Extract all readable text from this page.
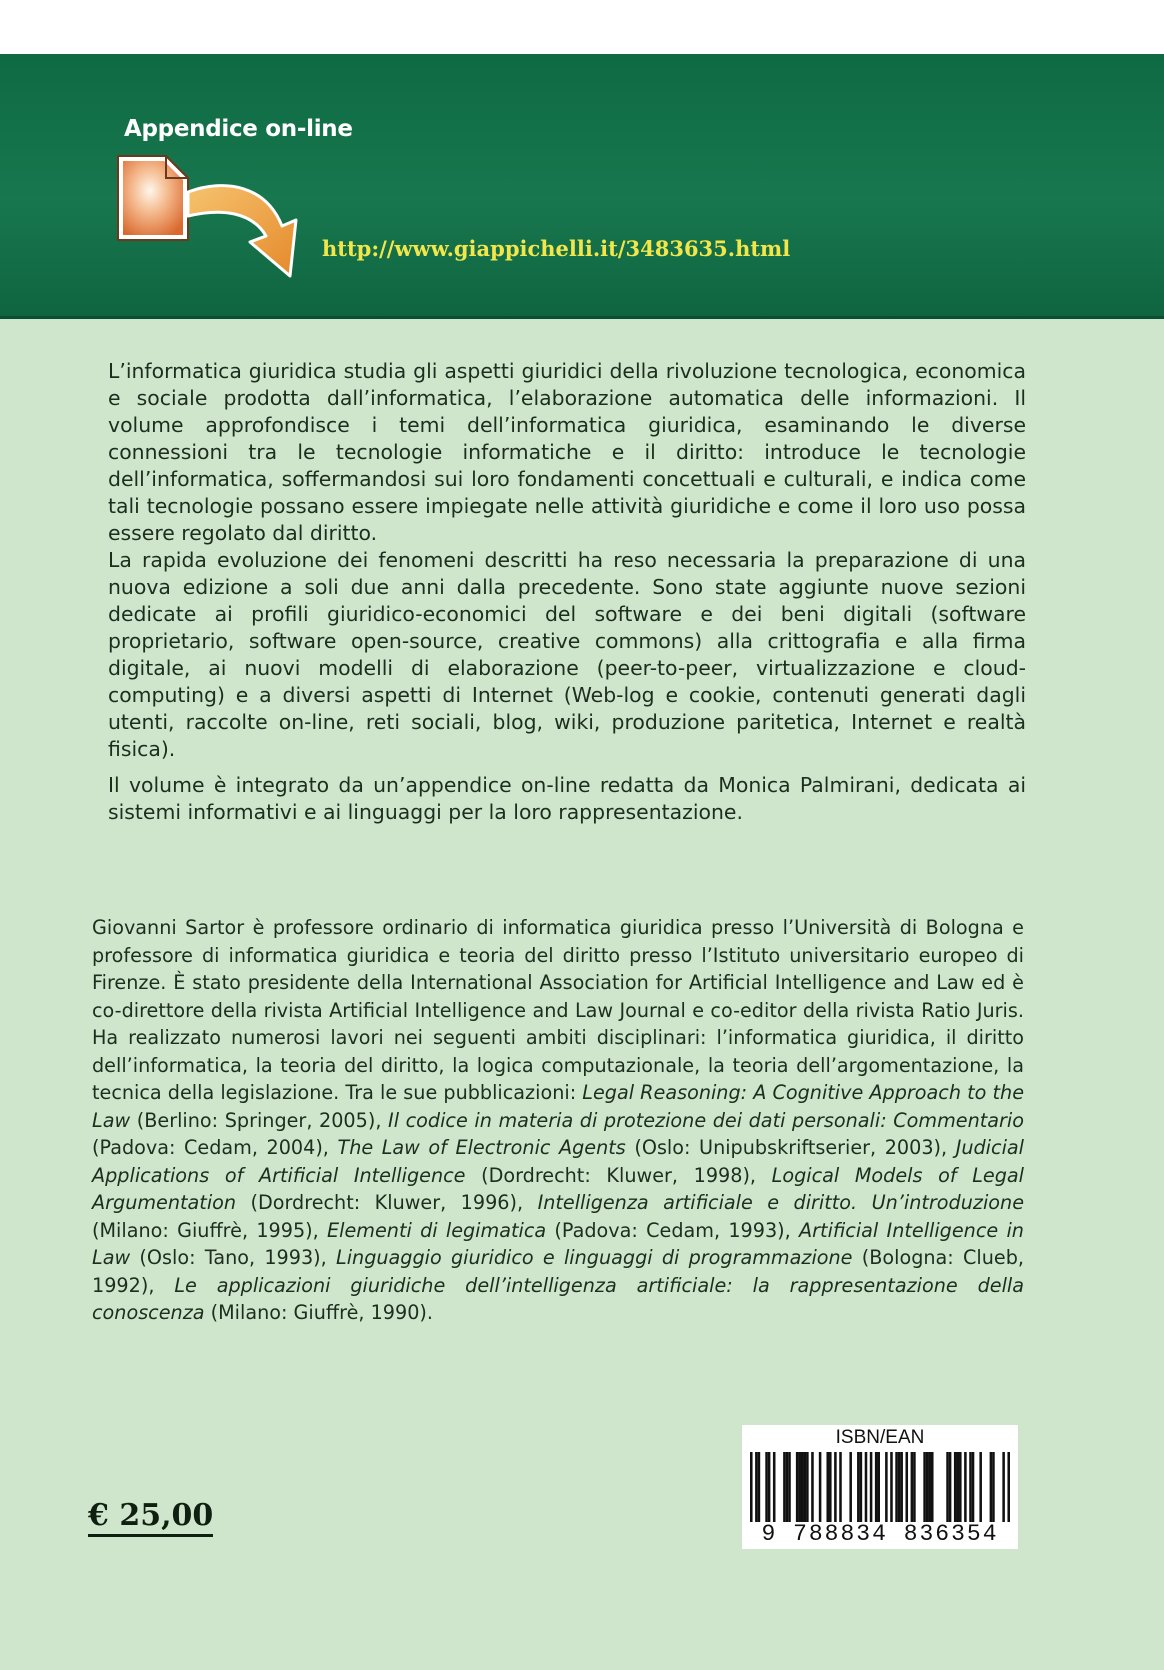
Appendice on-line
http://www.giappichelli.it/3483635.html

L’informatica giuridica studia gli aspetti giuridici della rivoluzione tecnologica, economica e sociale prodotta dall’informatica, l’elaborazione automatica delle informazioni. Il volume approfondisce i temi dell’informatica giuridica, esaminando le diverse connessioni tra le tecnologie informatiche e il diritto: introduce le tecnologie dell’informatica, soffermandosi sui loro fondamenti concettuali e culturali, e indica come tali tecnologie possano essere impiegate nelle attività giuridiche e come il loro uso possa essere regolato dal diritto.

La rapida evoluzione dei fenomeni descritti ha reso necessaria la preparazione di una nuova edizione a soli due anni dalla precedente. Sono state aggiunte nuove sezioni dedicate ai profili giuridico-economici del software e dei beni digitali (software proprietario, software open-source, creative commons) alla crittografia e alla firma digitale, ai nuovi modelli di elaborazione (peer-to-peer, virtualizzazione e cloud-computing) e a diversi aspetti di Internet (Web-log e cookie, contenuti generati dagli utenti, raccolte on-line, reti sociali, blog, wiki, produzione paritetica, Internet e realtà fisica).

Il volume è integrato da un’appendice on-line redatta da Monica Palmirani, dedicata ai sistemi informativi e ai linguaggi per la loro rappresentazione.

Giovanni Sartor è professore ordinario di informatica giuridica presso l’Università di Bologna e professore di informatica giuridica e teoria del diritto presso l’Istituto universitario europeo di Firenze. È stato presidente della International Association for Artificial Intelligence and Law ed è co-direttore della rivista Artificial Intelligence and Law Journal e co-editor della rivista Ratio Juris. Ha realizzato numerosi lavori nei seguenti ambiti disciplinari: l’informatica giuridica, il diritto dell’informatica, la teoria del diritto, la logica computazionale, la teoria dell’argomentazione, la tecnica della legislazione. Tra le sue pubblicazioni: Legal Reasoning: A Cognitive Approach to the Law (Berlino: Springer, 2005), Il codice in materia di protezione dei dati personali: Commentario (Padova: Cedam, 2004), The Law of Electronic Agents (Oslo: Unipubskriftserier, 2003), Judicial Applications of Artificial Intelligence (Dordrecht: Kluwer, 1998), Logical Models of Legal Argumentation (Dordrecht: Kluwer, 1996), Intelligenza artificiale e diritto. Un’introduzione (Milano: Giuffrè, 1995), Elementi di legimatica (Padova: Cedam, 1993), Artificial Intelligence in Law (Oslo: Tano, 1993), Linguaggio giuridico e linguaggi di programmazione (Bologna: Clueb, 1992), Le applicazioni giuridiche dell’intelligenza artificiale: la rappresentazione della conoscenza (Milano: Giuffrè, 1990).

€ 25,00
ISBN/EAN
9 788834 836354
